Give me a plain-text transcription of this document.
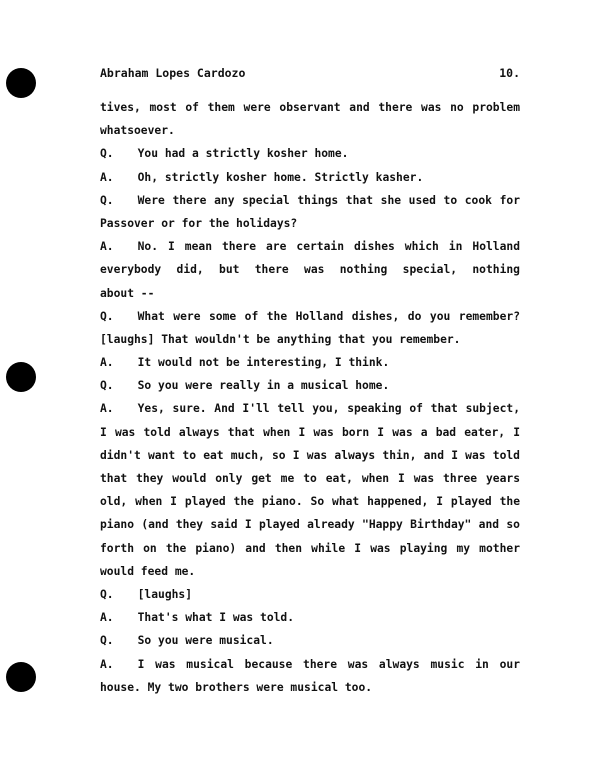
Abraham Lopes Cardozo	10.
tives, most of them were observant and there was no problem
whatsoever.
Q. You had a strictly kosher home.
A. Oh, strictly kosher home. Strictly kasher.
Q. Were there any special things that she used to cook for
Passover or for the holidays?
A. No. I mean there are certain dishes which in Holland
everybody did, but there was nothing special, nothing
about --
Q. What were some of the Holland dishes, do you remember?
[laughs] That wouldn't be anything that you remember.
A. It would not be interesting, I think.
Q. So you were really in a musical home.
A. Yes, sure. And I'll tell you, speaking of that subject,
I was told always that when I was born I was a bad eater, I
didn't want to eat much, so I was always thin, and I was told
that they would only get me to eat, when I was three years
old, when I played the piano. So what happened, I played the
piano (and they said I played already "Happy Birthday" and so
forth on the piano) and then while I was playing my mother
would feed me.
Q. [laughs]
A. That's what I was told.
Q. So you were musical.
A. I was musical because there was always music in our
house. My two brothers were musical too.
